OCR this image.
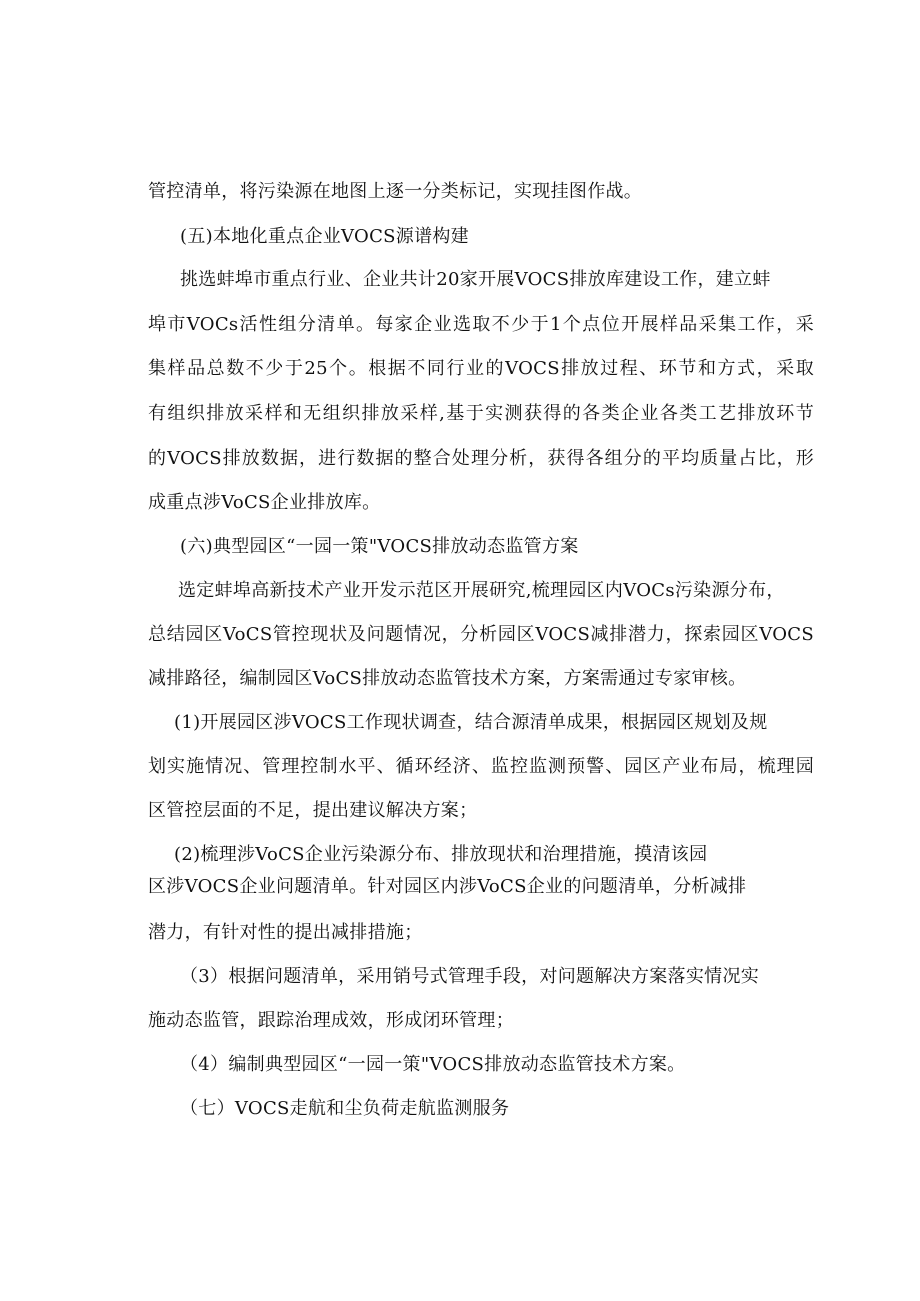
管控清单，将污染源在地图上逐一分类标记，实现挂图作战。
(五)本地化重点企业VOCS源谱构建
挑选蚌埠市重点行业、企业共计20家开展VOCS排放库建设工作，建立蚌
埠市VOCs活性组分清单。每家企业选取不少于1个点位开展样品采集工作，采
集样品总数不少于25个。根据不同行业的VOCS排放过程、环节和方式，采取
有组织排放采样和无组织排放采样,基于实测获得的各类企业各类工艺排放环节
的VOCS排放数据，进行数据的整合处理分析，获得各组分的平均质量占比，形
成重点涉VoCS企业排放库。
(六)典型园区“一园一策"VOCS排放动态监管方案
选定蚌埠高新技术产业开发示范区开展研究,梳理园区内VOCs污染源分布，
总结园区VoCS管控现状及问题情况，分析园区VOCS减排潜力，探索园区VOCS
减排路径，编制园区VoCS排放动态监管技术方案，方案需通过专家审核。
(1)开展园区涉VOCS工作现状调查，结合源清单成果，根据园区规划及规
划实施情况、管理控制水平、循环经济、监控监测预警、园区产业布局，梳理园
区管控层面的不足，提出建议解决方案；
(2)梳理涉VoCS企业污染源分布、排放现状和治理措施，摸清该园
区涉VOCS企业问题清单。针对园区内涉VoCS企业的问题清单，分析减排
潜力，有针对性的提出减排措施；
（3）根据问题清单，采用销号式管理手段，对问题解决方案落实情况实
施动态监管，跟踪治理成效，形成闭环管理；
（4）编制典型园区“一园一策"VOCS排放动态监管技术方案。
（七）VOCS走航和尘负荷走航监测服务
